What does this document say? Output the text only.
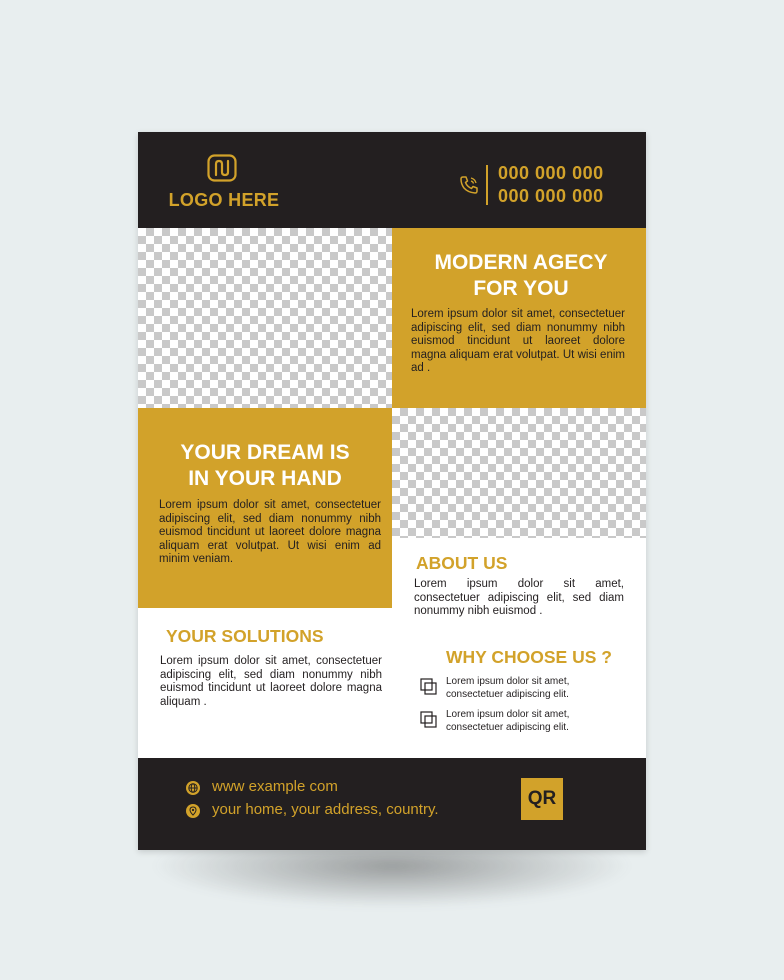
LOGO HERE
000 000 000
000 000 000

MODERN AGECY

FOR YOU

Lorem ipsum dolor sit amet, consectetuer adipiscing elit, sed diam nonummy nibh euismod tincidunt ut laoreet dolore magna aliquam erat volutpat. Ut wisi enim ad .

YOUR DREAM IS

IN YOUR HAND

Lorem ipsum dolor sit amet, consectetuer adipiscing elit, sed diam nonummy nibh euismod tincidunt ut laoreet dolore magna aliquam erat volutpat. Ut wisi enim ad minim veniam.	ABOUT US

Lorem ipsum dolor sit amet, consectetuer adipiscing elit, sed diam nonummy nibh euismod .

YOUR SOLUTIONS

Lorem ipsum dolor sit amet, consectetuer adipiscing elit, sed diam nonummy nibh euismod tincidunt ut laoreet dolore magna aliquam .

WHY CHOOSE US ?

Lorem ipsum dolor sit amet, consectetuer adipiscing elit.
Lorem ipsum dolor sit amet, consectetuer adipiscing elit.
www example com
your home, your address, country.
QR
